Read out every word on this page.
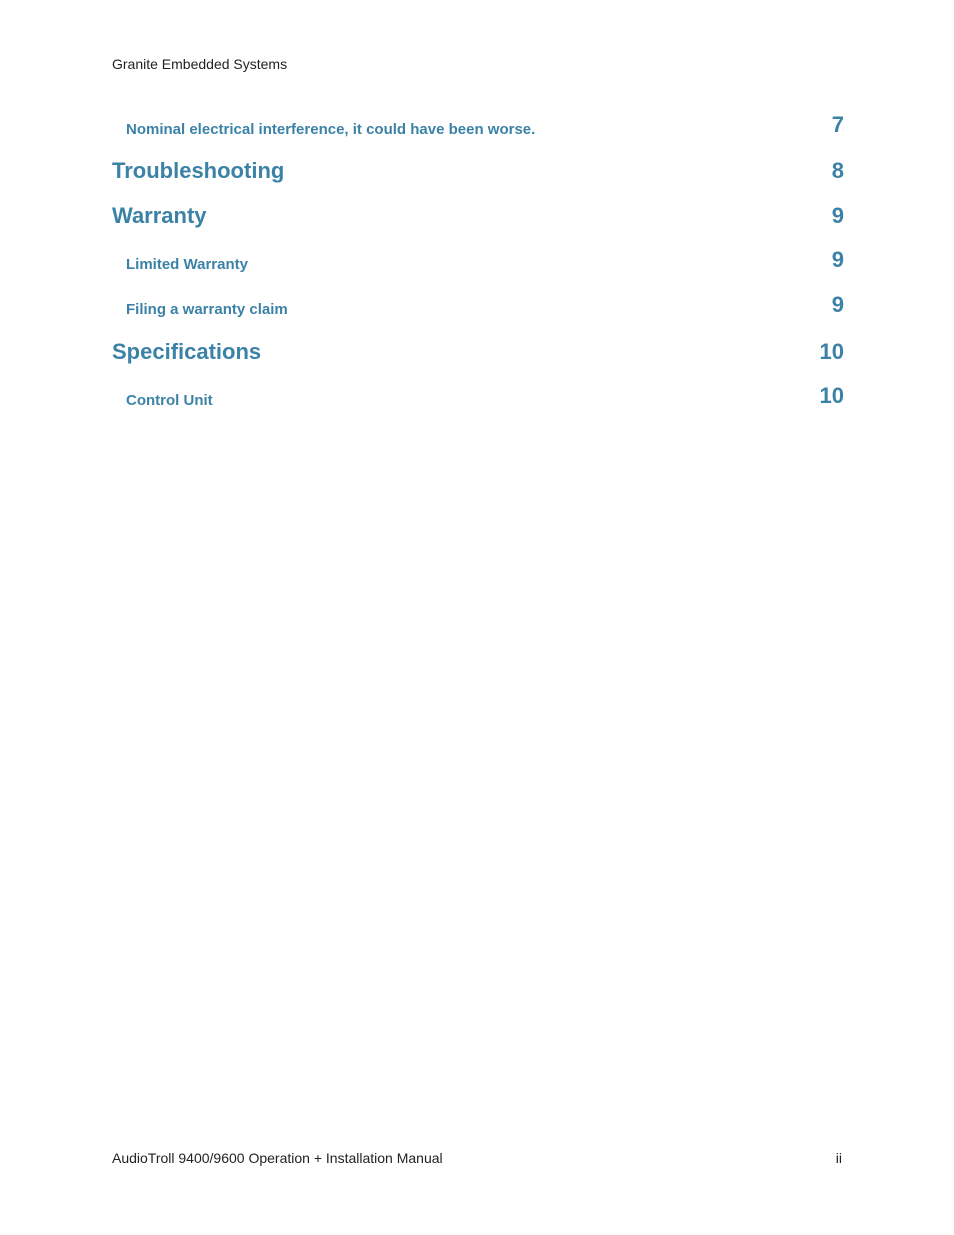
Granite Embedded Systems
Nominal electrical interference, it could have been worse.	7
Troubleshooting	8
Warranty	9
Limited Warranty	9
Filing a warranty claim	9
Specifications	10
Control Unit	10
AudioTroll 9400/9600 Operation + Installation Manual	ii
